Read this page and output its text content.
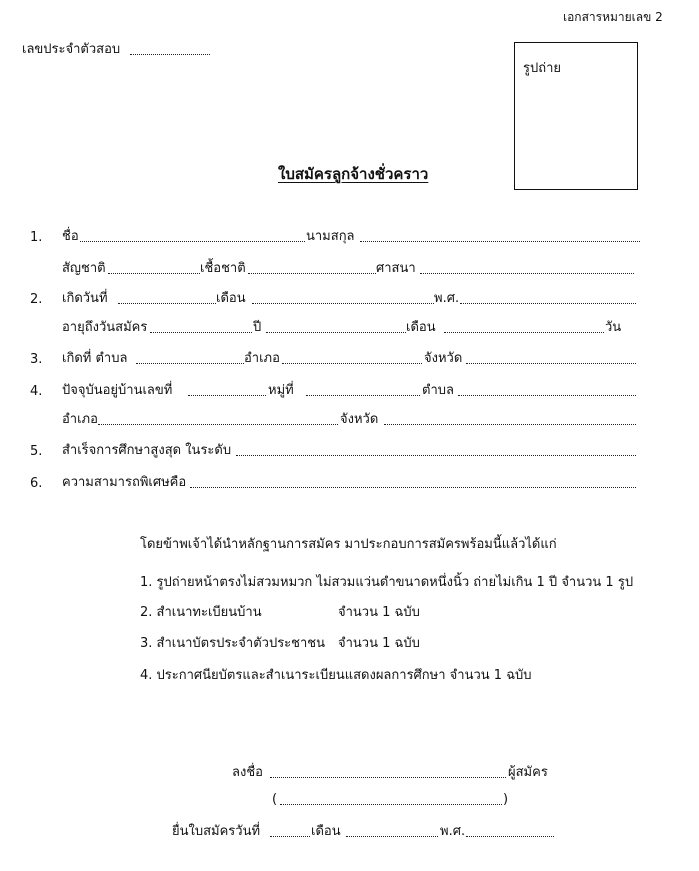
เอกสารหมายเลข 2
เลขประจำตัวสอบ
รูปถ่าย
ใบสมัครลูกจ้างชั่วคราว
1. ชื่อ	นามสกุล
สัญชาติ	เชื้อชาติ	ศาสนา
2. เกิดวันที่	เดือน	พ.ศ.
อายุถึงวันสมัคร	ปี	เดือน	วัน
3. เกิดที่ ตำบล	อำเภอ	จังหวัด
4. ปัจจุบันอยู่บ้านเลขที่	หมู่ที่	ตำบล
อำเภอ	จังหวัด
5. สำเร็จการศึกษาสูงสุด ในระดับ
6. ความสามารถพิเศษคือ
โดยข้าพเจ้าได้นำหลักฐานการสมัคร มาประกอบการสมัครพร้อมนี้แล้วได้แก่
1. รูปถ่ายหน้าตรงไม่สวมหมวก ไม่สวมแว่นดำขนาดหนึ่งนิ้ว ถ่ายไม่เกิน 1 ปี จำนวน 1 รูป
2. สำเนาทะเบียนบ้าน	จำนวน 1 ฉบับ
3. สำเนาบัตรประจำตัวประชาชน จำนวน 1 ฉบับ
4. ประกาศนียบัตรและสำเนาระเบียนแสดงผลการศึกษา จำนวน 1 ฉบับ
ลงชื่อ	ผู้สมัคร
(	)
ยื่นใบสมัครวันที่	เดือน	พ.ศ.
